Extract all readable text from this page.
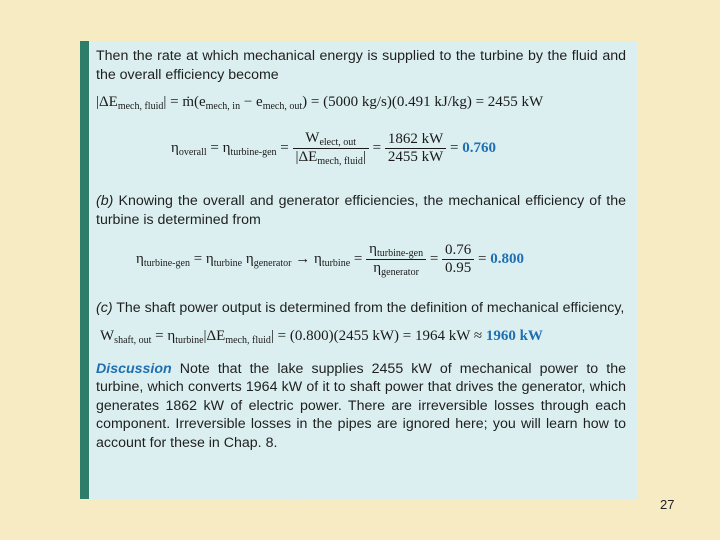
Then the rate at which mechanical energy is supplied to the turbine by the fluid and the overall efficiency become

$|\Delta E_{mech, fluid}|$ = $ṁ(e_{mech, in} - e_{mech, out}) = (5000$ kg/s)(0.491 kJ/kg) = 2455 kW
$\eta_{overall} = \eta_{turbine-gen} = \frac{W_{elect, out}}{|\Delta E_{mech, fluid}|} = \frac{1862 kW}{2455 kW} = 0.760$

(b) Knowing the overall and generator efficiencies, the mechanical efficiency of the turbine is determined from

$\eta_{turbine-gen} = \eta_{turbine}$ $\eta_{generator} \to \eta_{turbine} = \frac{\eta_{turbine-gen}}{\eta_{generator}} = \frac{0.76}{0.95} = 0.800$

(c) The shaft power output is determined from the definition of mechanical efficiency,

$W_{shaft, out} = \eta_{turbine}|\Delta E_{mech, fluid}| = (0.800)(2455$ kW) = 1964 kW ≈ 1960 kW

Discussion Note that the lake supplies 2455 kW of mechanical power to the turbine, which converts 1964 kW of it to shaft power that drives the generator, which generates 1862 kW of electric power. There are irreversible losses through each component. Irreversible losses in the pipes are ignored here; you will learn how to account for these in Chap. 8.

27
